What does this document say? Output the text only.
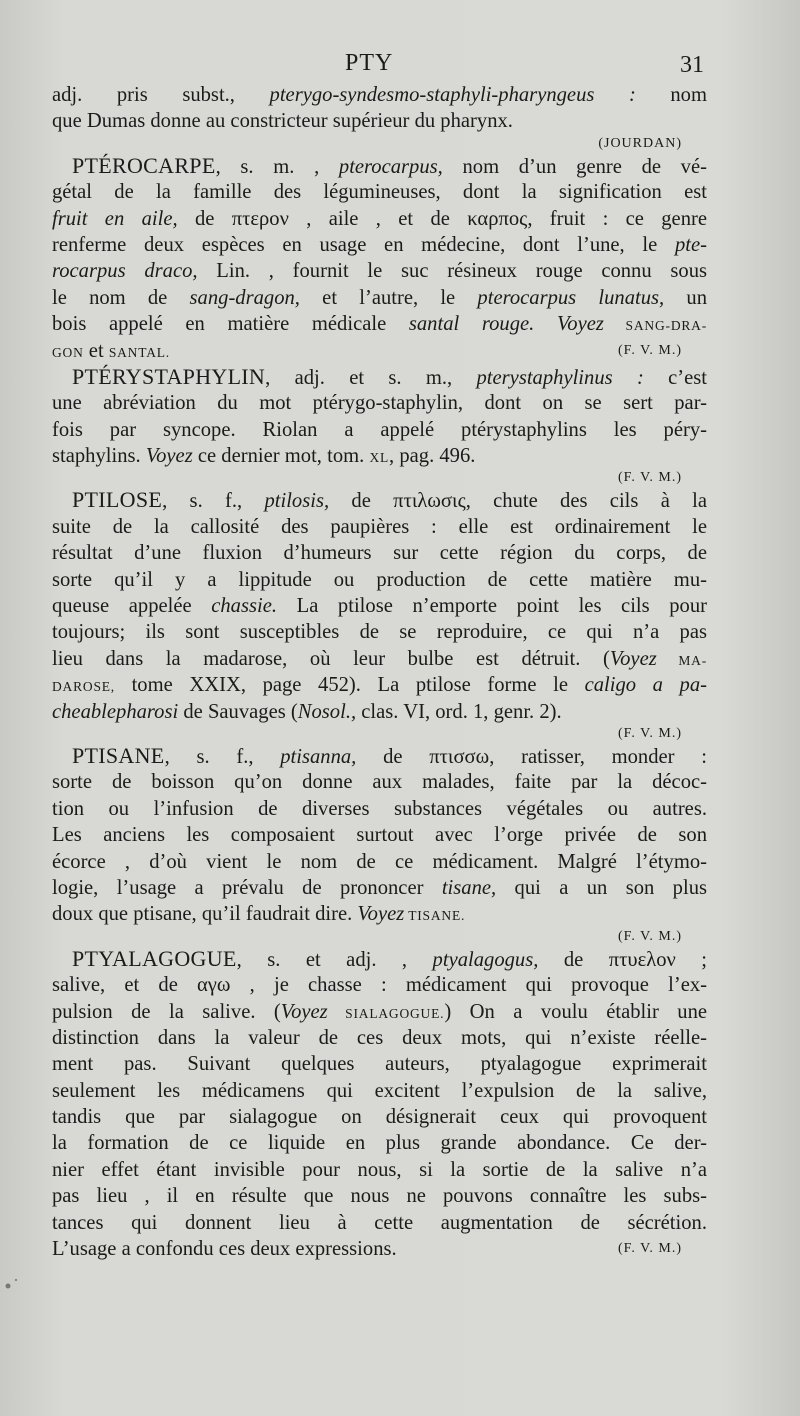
PTY	31
adj. pris subst., pterygo-syndesmo-staphyli-pharyngeus : nom
que Dumas donne au constricteur supérieur du pharynx.
(JOURDAN)
PTÉROCARPE, s. m. , pterocarpus, nom d’un genre de vé-
gétal de la famille des légumineuses, dont la signification est
fruit en aile, de πτερον , aile , et de καρπος, fruit : ce genre
renferme deux espèces en usage en médecine, dont l’une, le pte-
rocarpus draco, Lin. , fournit le suc résineux rouge connu sous
le nom de sang-dragon, et l’autre, le pterocarpus lunatus, un
bois appelé en matière médicale santal rouge. Voyez SANG-DRA-
GON et SANTAL.	(F. V. M.)
PTÉRYSTAPHYLIN, adj. et s. m., pterystaphylinus : c’est
une abréviation du mot ptérygo-staphylin, dont on se sert par-
fois par syncope. Riolan a appelé ptérystaphylins les péry-
staphylins. Voyez ce dernier mot, tom. XL, pag. 496.
(F. V. M.)
PTILOSE, s. f., ptilosis, de πτιλωσις, chute des cils à la
suite de la callosité des paupières : elle est ordinairement le
résultat d’une fluxion d’humeurs sur cette région du corps, de
sorte qu’il y a lippitude ou production de cette matière mu-
queuse appelée chassie. La ptilose n’emporte point les cils pour
toujours; ils sont susceptibles de se reproduire, ce qui n’a pas
lieu dans la madarose, où leur bulbe est détruit. (Voyez MA-
DAROSE, tome XXIX, page 452). La ptilose forme le caligo a pa-
cheablepharosi de Sauvages (Nosol., clas. VI, ord. 1, genr. 2).
(F. V. M.)
PTISANE, s. f., ptisanna, de πτισσω, ratisser, monder :
sorte de boisson qu’on donne aux malades, faite par la décoc-
tion ou l’infusion de diverses substances végétales ou autres.
Les anciens les composaient surtout avec l’orge privée de son
écorce , d’où vient le nom de ce médicament. Malgré l’étymo-
logie, l’usage a prévalu de prononcer tisane, qui a un son plus
doux que ptisane, qu’il faudrait dire. Voyez TISANE.
(F. V. M.)
PTYALAGOGUE, s. et adj. , ptyalagogus, de πτυελον ;
salive, et de αγω , je chasse : médicament qui provoque l’ex-
pulsion de la salive. (Voyez SIALAGOGUE.) On a voulu établir une
distinction dans la valeur de ces deux mots, qui n’existe réelle-
ment pas. Suivant quelques auteurs, ptyalagogue exprimerait
seulement les médicamens qui excitent l’expulsion de la salive,
tandis que par sialagogue on désignerait ceux qui provoquent
la formation de ce liquide en plus grande abondance. Ce der-
nier effet étant invisible pour nous, si la sortie de la salive n’a
pas lieu , il en résulte que nous ne pouvons connaître les subs-
tances qui donnent lieu à cette augmentation de sécrétion.
L’usage a confondu ces deux expressions.	(F. V. M.)
